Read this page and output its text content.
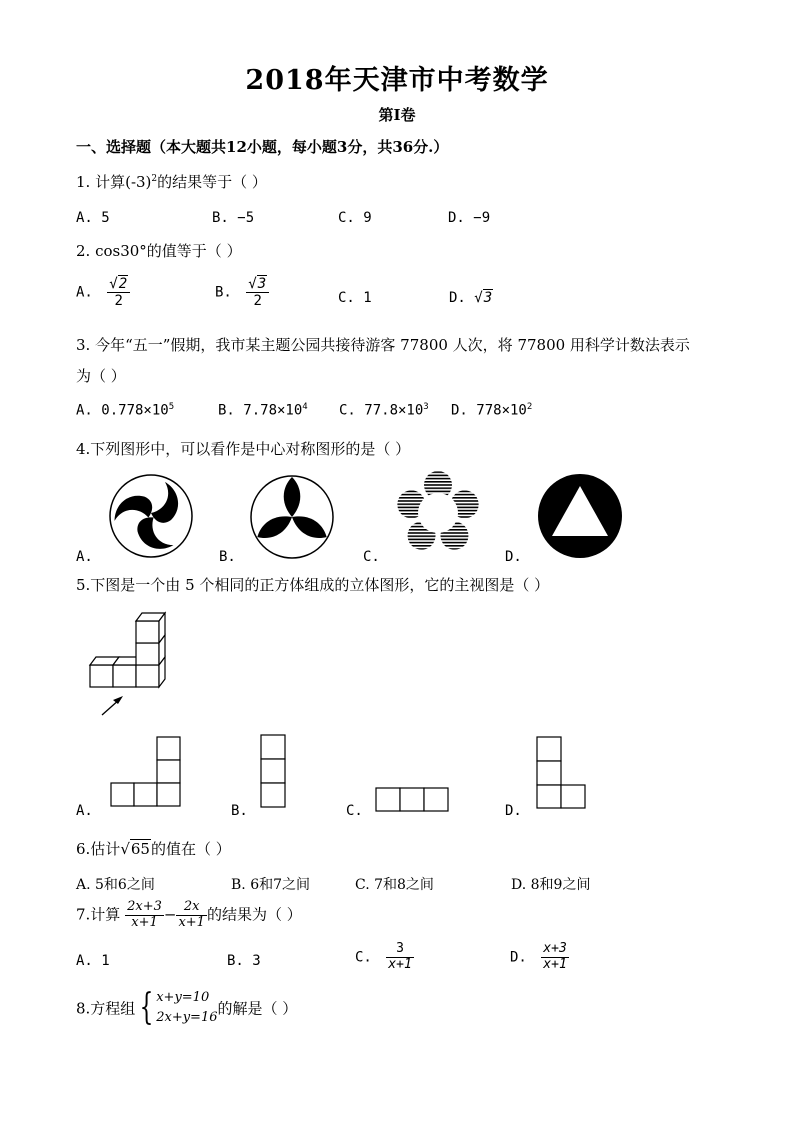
2018年天津市中考数学
第Ⅰ卷
一、选择题（本大题共12小题，每小题3分，共36分.）
1. 计算$(-3)^2$的结果等于（ ）
A. 5	B. −5	C. 9	D. −9
2. cos30°的值等于（ ）
A. $\frac{√2}{2}$	B. $\frac{√3}{2}$	C. 1	D. √3
3. 今年“五一”假期，我市某主题公园共接待游客 77800 人次，将 77800 用科学计数法表示
为（ ）
A. $0.778\times 10^5$	B. $7.78\times 10^4$ C. $77.8\times 10^3$ D. $778\times 10^2$
4.下列图形中，可以看作是中心对称图形的是（ ）
A.	B.	C.	D.
5.下图是一个由 5 个相同的正方体组成的立体图形，它的主视图是（ ）
A.	B.	C.	D.
6.估计√65的值在（ ）
A. 5和6之间	B. 6和7之间	C. 7和8之间	D. 8和9之间
7.计算 $\frac{2x+3}{x+1} - \frac{2x}{x+1}$ 的结果为（ ）
A. 1	B. 3	C. $\frac{3}{x+1}$	D. $\frac{x+3}{x+1}$
8.方程组 { x+y=10
2x+y=16 的解是（ ）
